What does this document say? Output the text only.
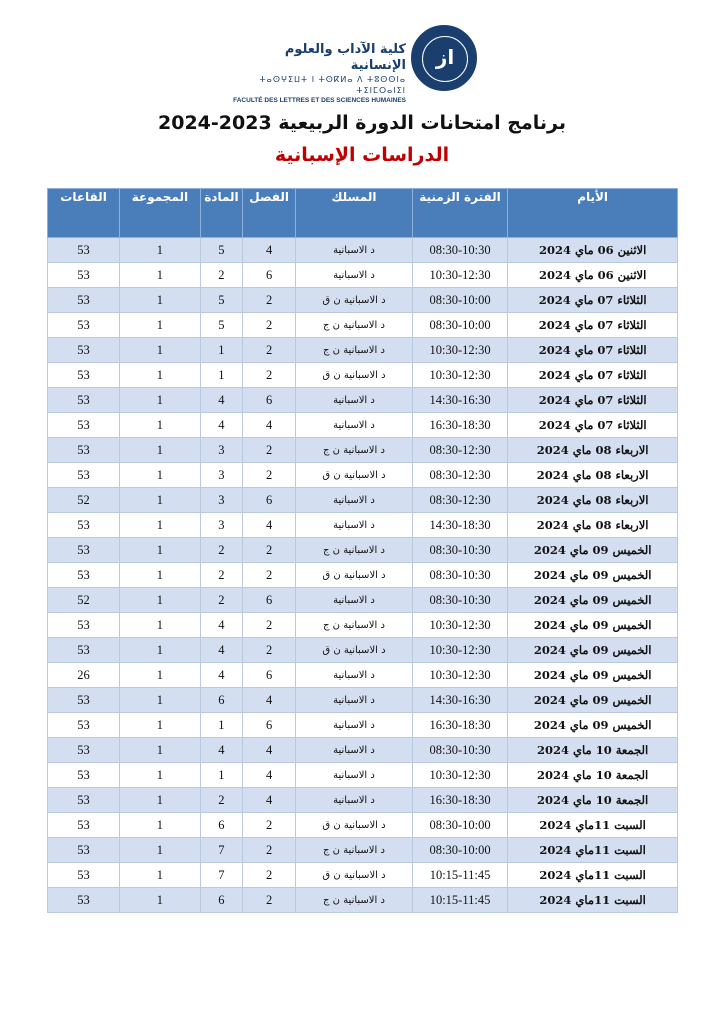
كلية الآداب والعلوم الإنسانية
ⵜⴰⵙⵖⵉⵡⵜ ⵏ ⵜⵙⴽⵍⴰ ⴷ ⵜⵓⵙⵙⵏⴰ ⵜⵉⵏⵎⵔⴰⵏⵉⵏ
FACULTÉ DES LETTRES ET DES SCIENCES HUMAINES
ﺍﺯ
برنامج امتحانات الدورة الربيعية 2023-2024
الدراسات الإسبانية
القاعات	المجموعة	المادة	الفصل	المسلك	الفترة الزمنية	الأيام
53	1	5	4	د الاسبانية	08:30-10:30	الاثنين 06 ماي 2024
53	1	2	6	د الاسبانية	10:30-12:30	الاثنين 06 ماي 2024
53	1	5	2	د الاسبانية ن ق	08:30-10:00	الثلاثاء 07 ماي 2024
53	1	5	2	د الاسبانية ن ج	08:30-10:00	الثلاثاء 07 ماي 2024
53	1	1	2	د الاسبانية ن ج	10:30-12:30	الثلاثاء 07 ماي 2024
53	1	1	2	د الاسبانية ن ق	10:30-12:30	الثلاثاء 07 ماي 2024
53	1	4	6	د الاسبانية	14:30-16:30	الثلاثاء 07 ماي 2024
53	1	4	4	د الاسبانية	16:30-18:30	الثلاثاء 07 ماي 2024
53	1	3	2	د الاسبانية ن ج	08:30-12:30	الاربعاء 08 ماي 2024
53	1	3	2	د الاسبانية ن ق	08:30-12:30	الاربعاء 08 ماي 2024
52	1	3	6	د الاسبانية	08:30-12:30	الاربعاء 08 ماي 2024
53	1	3	4	د الاسبانية	14:30-18:30	الاربعاء 08 ماي 2024
53	1	2	2	د الاسبانية ن ج	08:30-10:30	الخميس 09 ماي 2024
53	1	2	2	د الاسبانية ن ق	08:30-10:30	الخميس 09 ماي 2024
52	1	2	6	د الاسبانية	08:30-10:30	الخميس 09 ماي 2024
53	1	4	2	د الاسبانية ن ج	10:30-12:30	الخميس 09 ماي 2024
53	1	4	2	د الاسبانية ن ق	10:30-12:30	الخميس 09 ماي 2024
26	1	4	6	د الاسبانية	10:30-12:30	الخميس 09 ماي 2024
53	1	6	4	د الاسبانية	14:30-16:30	الخميس 09 ماي 2024
53	1	1	6	د الاسبانية	16:30-18:30	الخميس 09 ماي 2024
53	1	4	4	د الاسبانية	08:30-10:30	الجمعة 10 ماي 2024
53	1	1	4	د الاسبانية	10:30-12:30	الجمعة 10 ماي 2024
53	1	2	4	د الاسبانية	16:30-18:30	الجمعة 10 ماي 2024
53	1	6	2	د الاسبانية ن ق	08:30-10:00	السبت 11ماي 2024
53	1	7	2	د الاسبانية ن ج	08:30-10:00	السبت 11ماي 2024
53	1	7	2	د الاسبانية ن ق	10:15-11:45	السبت 11ماي 2024
53	1	6	2	د الاسبانية ن ج	10:15-11:45	السبت 11ماي 2024
